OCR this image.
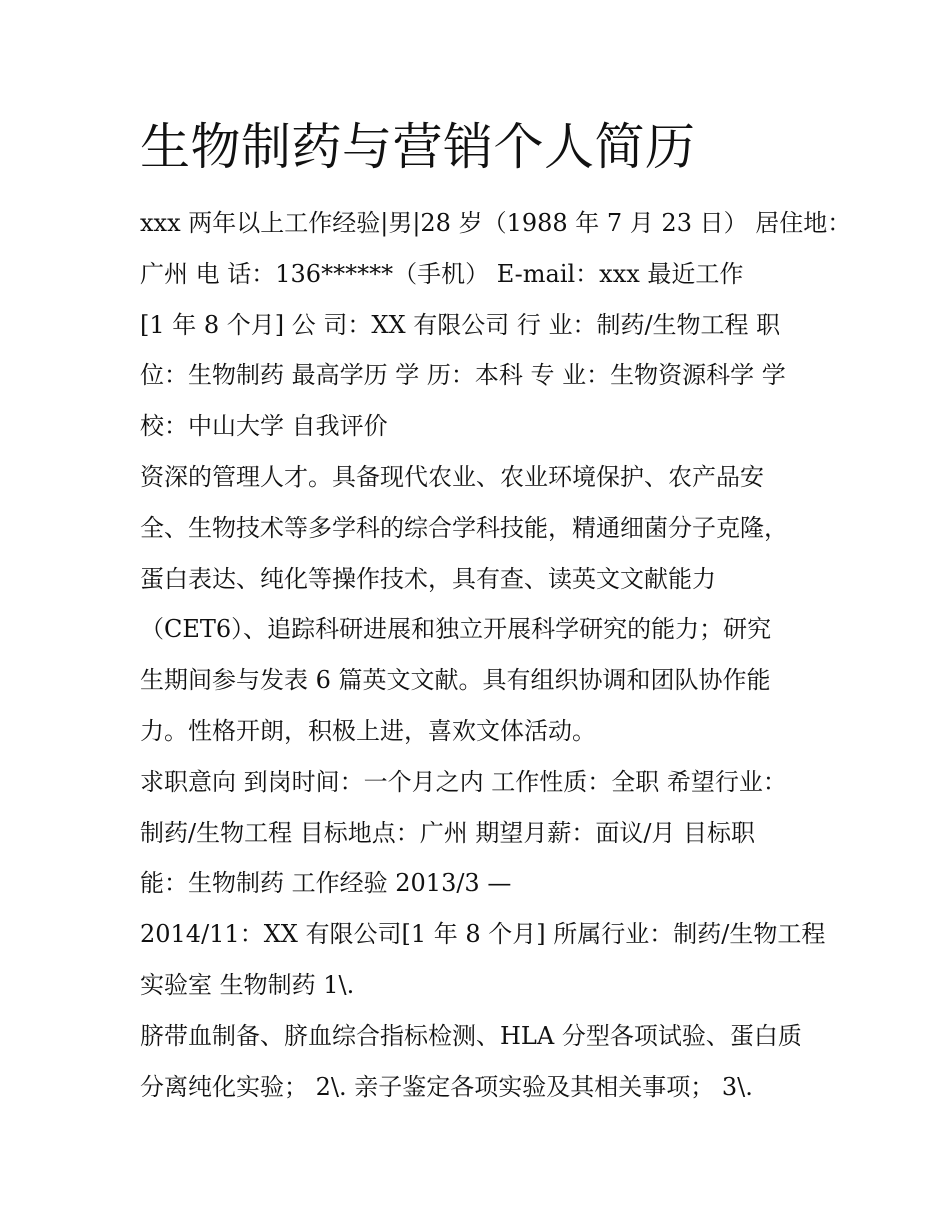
生物制药与营销个人简历
xxx 两年以上工作经验|男|28 岁（1988 年 7 月 23 日） 居住地：
广州 电 话：136******（手机） E-mail：xxx 最近工作
[1 年 8 个月] 公 司：XX 有限公司 行 业：制药/生物工程 职
位：生物制药 最高学历 学 历：本科 专 业：生物资源科学 学
校：中山大学 自我评价
资深的管理人才。具备现代农业、农业环境保护、农产品安
全、生物技术等多学科的综合学科技能，精通细菌分子克隆，
蛋白表达、纯化等操作技术，具有查、读英文文献能力
（CET6）、追踪科研进展和独立开展科学研究的能力；研究
生期间参与发表 6 篇英文文献。具有组织协调和团队协作能
力。性格开朗，积极上进，喜欢文体活动。
求职意向 到岗时间：一个月之内 工作性质：全职 希望行业：
制药/生物工程 目标地点：广州 期望月薪：面议/月 目标职
能：生物制药 工作经验 2013/3 —
2014/11：XX 有限公司[1 年 8 个月] 所属行业：制药/生物工程
实验室 生物制药 1\.
脐带血制备、脐血综合指标检测、HLA 分型各项试验、蛋白质
分离纯化实验； 2\. 亲子鉴定各项实验及其相关事项； 3\.
